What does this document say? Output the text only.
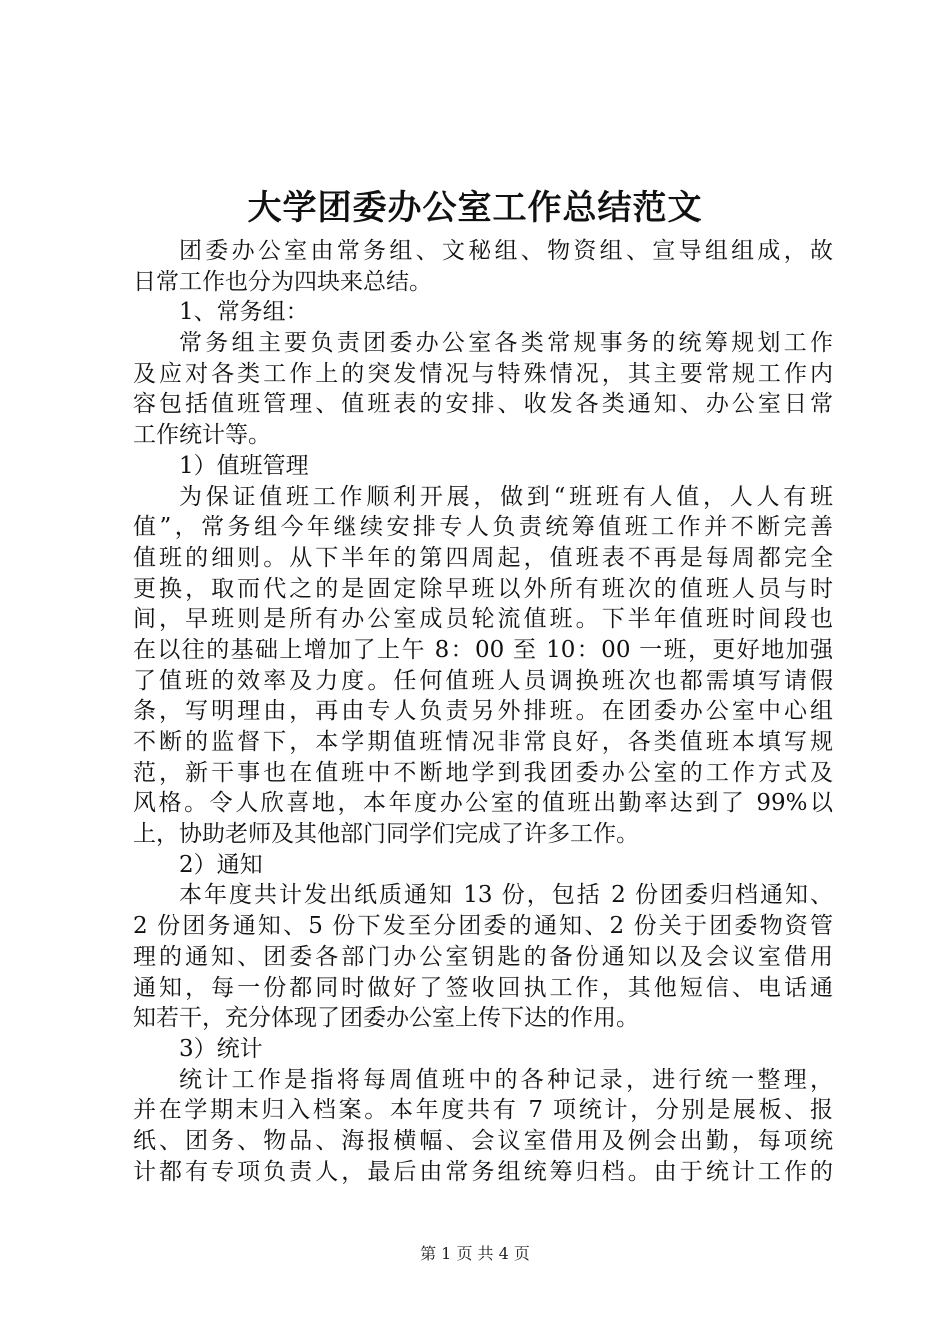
大学团委办公室工作总结范文
团委办公室由常务组、文秘组、物资组、宣导组组成，故
日常工作也分为四块来总结。
1、常务组：
常务组主要负责团委办公室各类常规事务的统筹规划工作
及应对各类工作上的突发情况与特殊情况，其主要常规工作内
容包括值班管理、值班表的安排、收发各类通知、办公室日常
工作统计等。
1）值班管理
为保证值班工作顺利开展，做到“班班有人值，人人有班
值”，常务组今年继续安排专人负责统筹值班工作并不断完善
值班的细则。从下半年的第四周起，值班表不再是每周都完全
更换，取而代之的是固定除早班以外所有班次的值班人员与时
间，早班则是所有办公室成员轮流值班。下半年值班时间段也
在以往的基础上增加了上午 8：00 至 10：00 一班，更好地加强
了值班的效率及力度。任何值班人员调换班次也都需填写请假
条，写明理由，再由专人负责另外排班。在团委办公室中心组
不断的监督下，本学期值班情况非常良好，各类值班本填写规
范，新干事也在值班中不断地学到我团委办公室的工作方式及
风格。令人欣喜地，本年度办公室的值班出勤率达到了 99%以
上，协助老师及其他部门同学们完成了许多工作。
2）通知
本年度共计发出纸质通知 13 份，包括 2 份团委归档通知、
2 份团务通知、5 份下发至分团委的通知、2 份关于团委物资管
理的通知、团委各部门办公室钥匙的备份通知以及会议室借用
通知，每一份都同时做好了签收回执工作，其他短信、电话通
知若干，充分体现了团委办公室上传下达的作用。
3）统计
统计工作是指将每周值班中的各种记录，进行统一整理，
并在学期末归入档案。本年度共有 7 项统计，分别是展板、报
纸、团务、物品、海报横幅、会议室借用及例会出勤，每项统
计都有专项负责人，最后由常务组统筹归档。由于统计工作的
第 1 页 共 4 页
